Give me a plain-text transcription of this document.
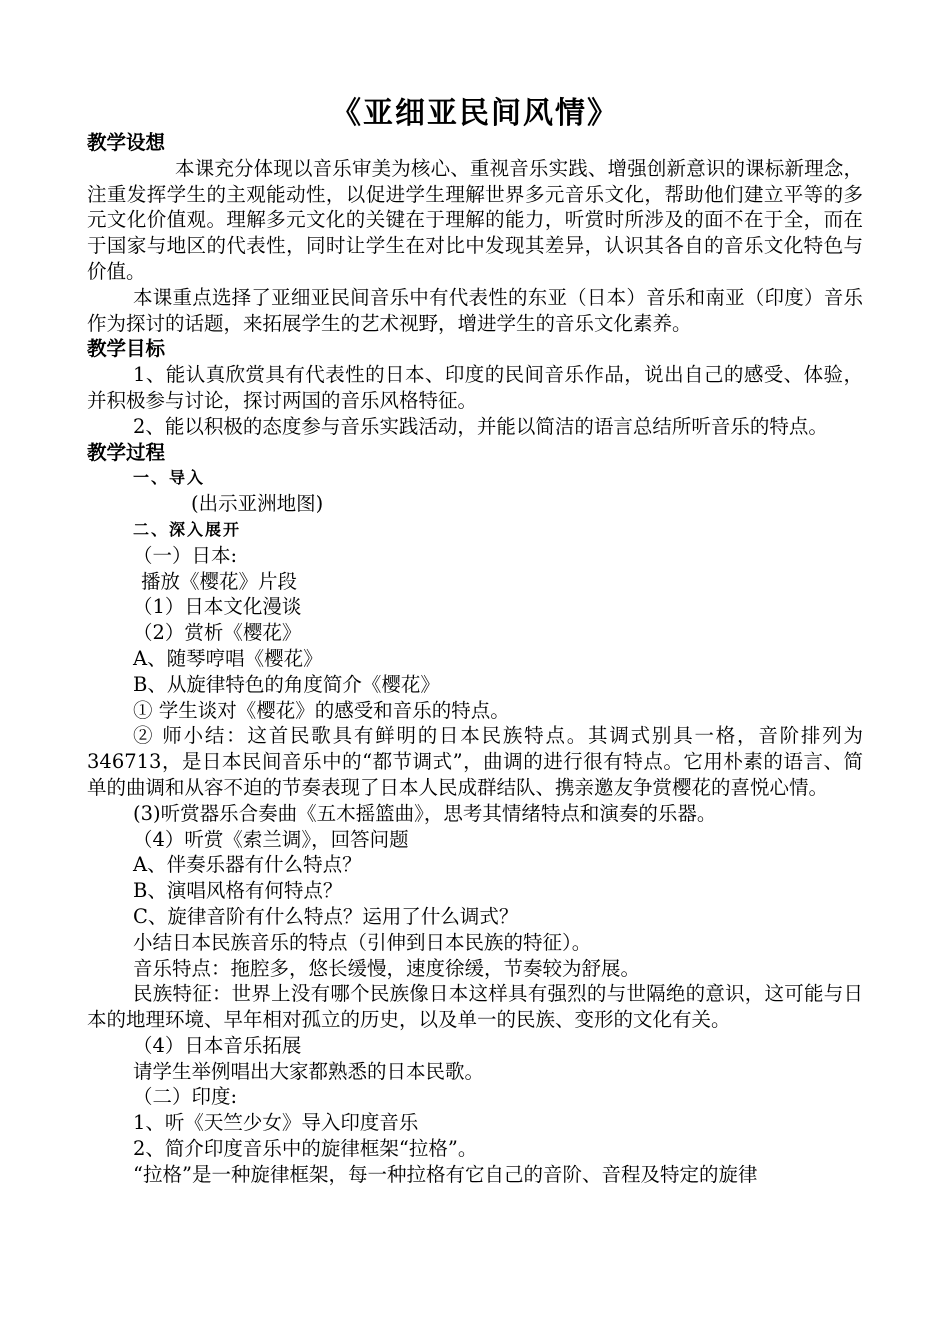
《亚细亚民间风情》

教学设想

本课充分体现以音乐审美为核心、重视音乐实践、增强创新意识的课标新理念，注重发挥学生的主观能动性，以促进学生理解世界多元音乐文化，帮助他们建立平等的多元文化价值观。理解多元文化的关键在于理解的能力，听赏时所涉及的面不在于全，而在于国家与地区的代表性，同时让学生在对比中发现其差异，认识其各自的音乐文化特色与价值。

本课重点选择了亚细亚民间音乐中有代表性的东亚（日本）音乐和南亚（印度）音乐作为探讨的话题，来拓展学生的艺术视野，增进学生的音乐文化素养。

教学目标

1、能认真欣赏具有代表性的日本、印度的民间音乐作品，说出自己的感受、体验，并积极参与讨论，探讨两国的音乐风格特征。

2、能以积极的态度参与音乐实践活动，并能以简洁的语言总结所听音乐的特点。

教学过程

一、导入

(出示亚洲地图)

二、深入展开

（一）日本:

播放《樱花》片段

（1）日本文化漫谈

（2）赏析《樱花》

A、随琴哼唱《樱花》

B、从旋律特色的角度简介《樱花》

① 学生谈对《樱花》的感受和音乐的特点。

② 师小结：这首民歌具有鲜明的日本民族特点。其调式别具一格，音阶排列为346713，是日本民间音乐中的“都节调式”，曲调的进行很有特点。它用朴素的语言、简单的曲调和从容不迫的节奏表现了日本人民成群结队、携亲邀友争赏樱花的喜悦心情。

(3)听赏器乐合奏曲《五木摇篮曲》，思考其情绪特点和演奏的乐器。

（4）听赏《索兰调》，回答问题

A、伴奏乐器有什么特点？

B、演唱风格有何特点？

C、旋律音阶有什么特点？运用了什么调式？

小结日本民族音乐的特点（引伸到日本民族的特征）。

音乐特点：拖腔多，悠长缓慢，速度徐缓，节奏较为舒展。

民族特征：世界上没有哪个民族像日本这样具有强烈的与世隔绝的意识，这可能与日本的地理环境、早年相对孤立的历史，以及单一的民族、变形的文化有关。

（4）日本音乐拓展

请学生举例唱出大家都熟悉的日本民歌。

（二）印度:

1、听《天竺少女》导入印度音乐

2、简介印度音乐中的旋律框架“拉格”。

“拉格”是一种旋律框架，每一种拉格有它自己的音阶、音程及特定的旋律
